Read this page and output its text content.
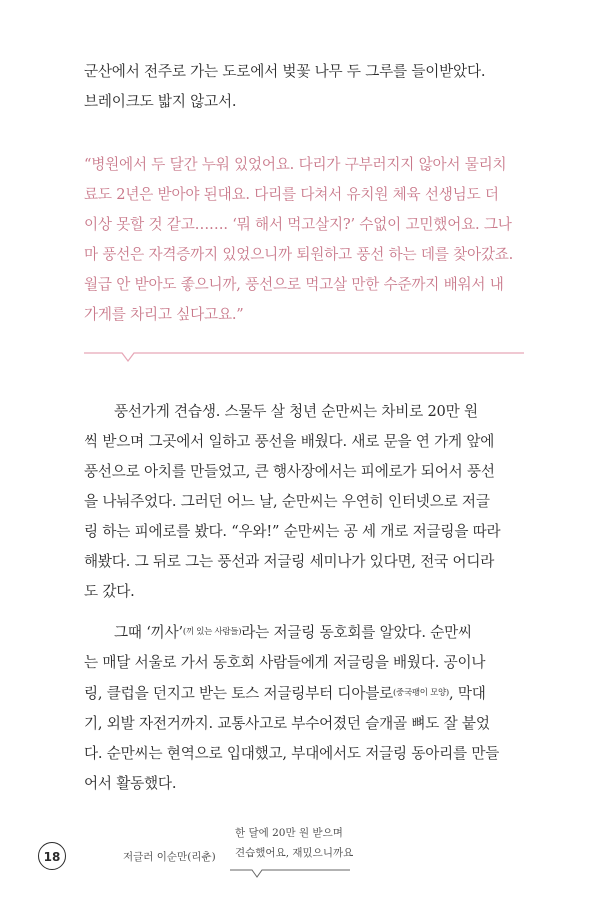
군산에서 전주로 가는 도로에서 벚꽃 나무 두 그루를 들이받았다.
브레이크도 밟지 않고서.
“병원에서 두 달간 누워 있었어요. 다리가 구부러지지 않아서 물리치
료도 2년은 받아야 된대요. 다리를 다쳐서 유치원 체육 선생님도 더
이상 못할 것 같고……. ‘뭐 해서 먹고살지?’ 수없이 고민했어요. 그나
마 풍선은 자격증까지 있었으니까 퇴원하고 풍선 하는 데를 찾아갔죠.
월급 안 받아도 좋으니까, 풍선으로 먹고살 만한 수준까지 배워서 내
가게를 차리고 싶다고요.”
풍선가게 견습생. 스물두 살 청년 순만씨는 차비로 20만 원
씩 받으며 그곳에서 일하고 풍선을 배웠다. 새로 문을 연 가게 앞에
풍선으로 아치를 만들었고, 큰 행사장에서는 피에로가 되어서 풍선
을 나눠주었다. 그러던 어느 날, 순만씨는 우연히 인터넷으로 저글
링 하는 피에로를 봤다. “우와!” 순만씨는 공 세 개로 저글링을 따라
해봤다. 그 뒤로 그는 풍선과 저글링 세미나가 있다면, 전국 어디라
도 갔다.
그때 ‘끼사’$^{(끼 있는 사람들)}$라는 저글링 동호회를 알았다. 순만씨
는 매달 서울로 가서 동호회 사람들에게 저글링을 배웠다. 공이나
링, 클럽을 던지고 받는 토스 저글링부터 디아블로$^{(중국팽이 모양)}$, 막대
기, 외발 자전거까지. 교통사고로 부수어졌던 슬개골 뼈도 잘 붙었
다. 순만씨는 현역으로 입대했고, 부대에서도 저글링 동아리를 만들
어서 활동했다.
18	저글러 이순만(리춘)
한 달에 20만 원 받으며
견습했어요, 재밌으니까요
